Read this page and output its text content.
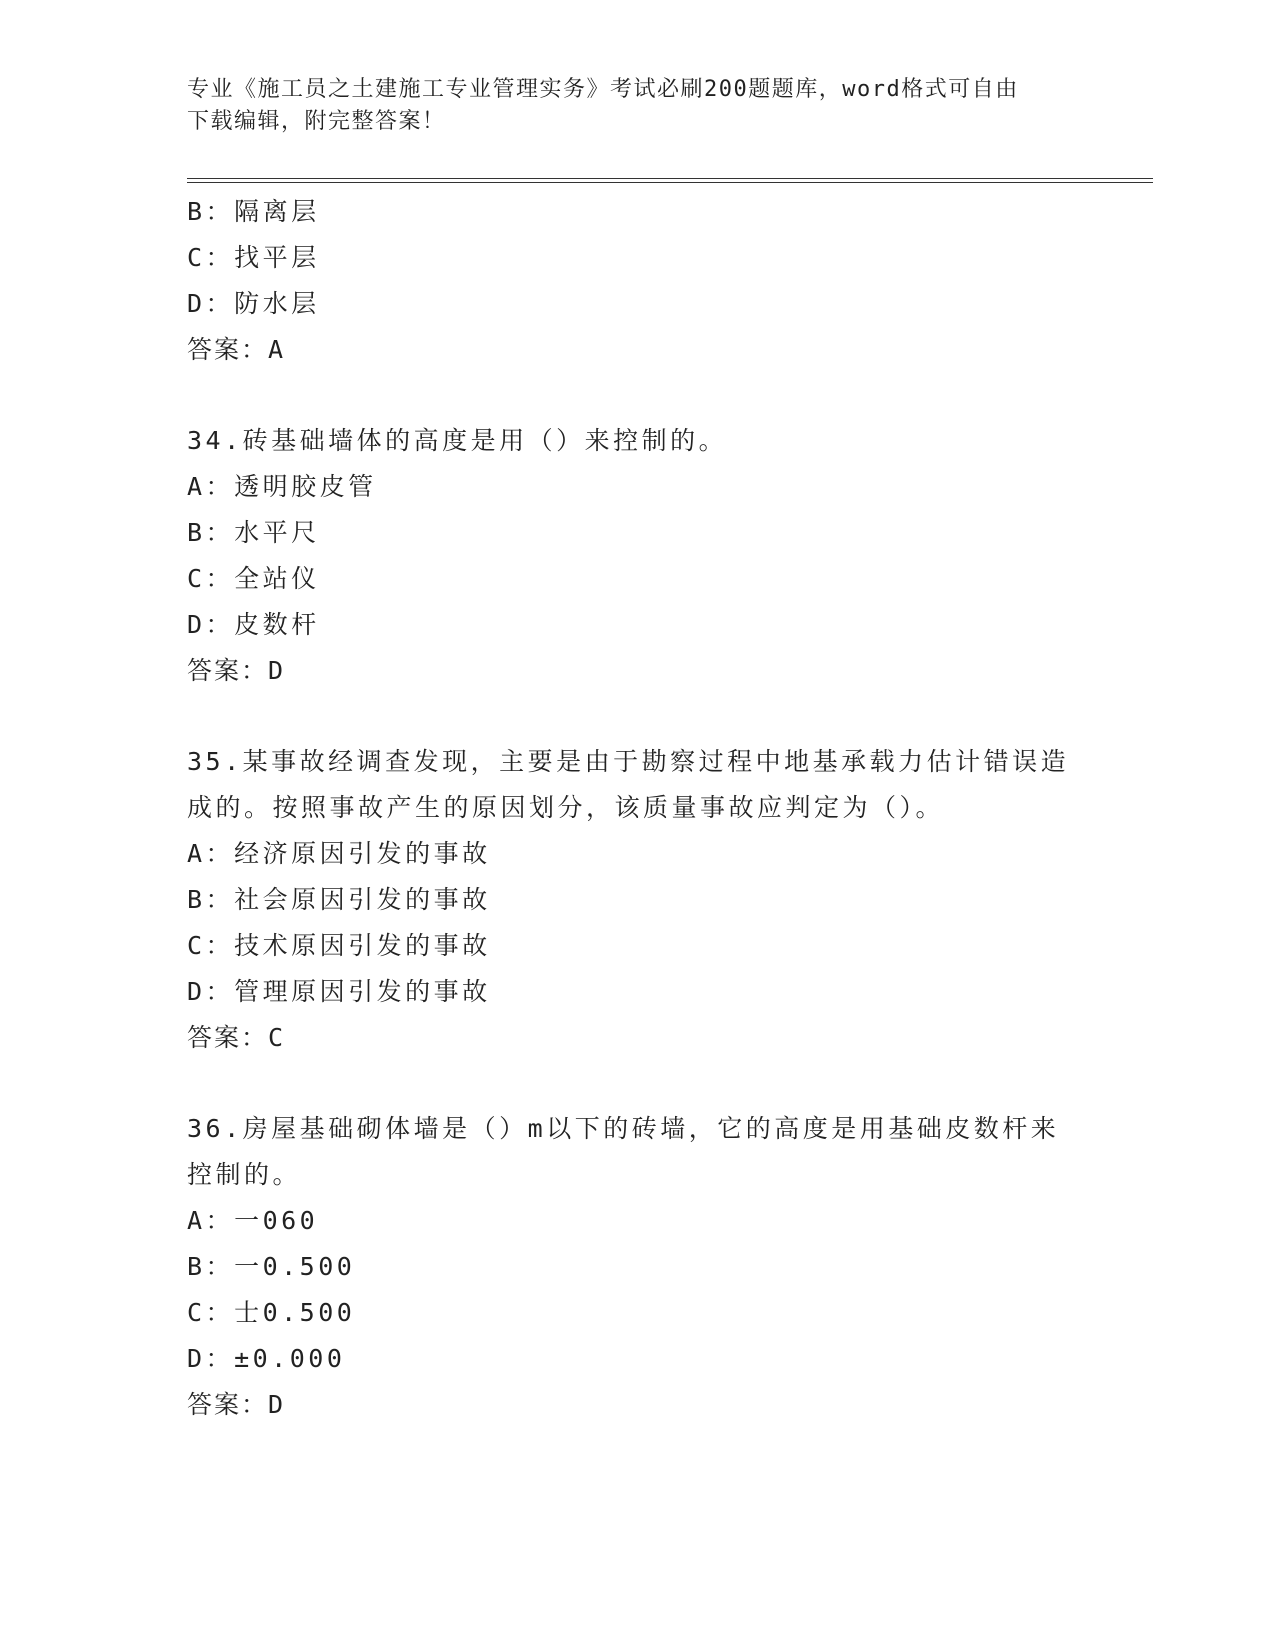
专业《施工员之土建施工专业管理实务》考试必刷200题题库，word格式可自由
下载编辑，附完整答案！
B：隔离层
C：找平层
D：防水层
答案：A
34.砖基础墙体的高度是用（）来控制的。
A：透明胶皮管
B：水平尺
C：全站仪
D：皮数杆
答案：D
35.某事故经调查发现，主要是由于勘察过程中地基承载力估计错误造
成的。按照事故产生的原因划分，该质量事故应判定为（）。
A：经济原因引发的事故
B：社会原因引发的事故
C：技术原因引发的事故
D：管理原因引发的事故
答案：C
36.房屋基础砌体墙是（）m以下的砖墙，它的高度是用基础皮数杆来
控制的。
A：一060
B：一0.500
C：士0.500
D：±0.000
答案：D
